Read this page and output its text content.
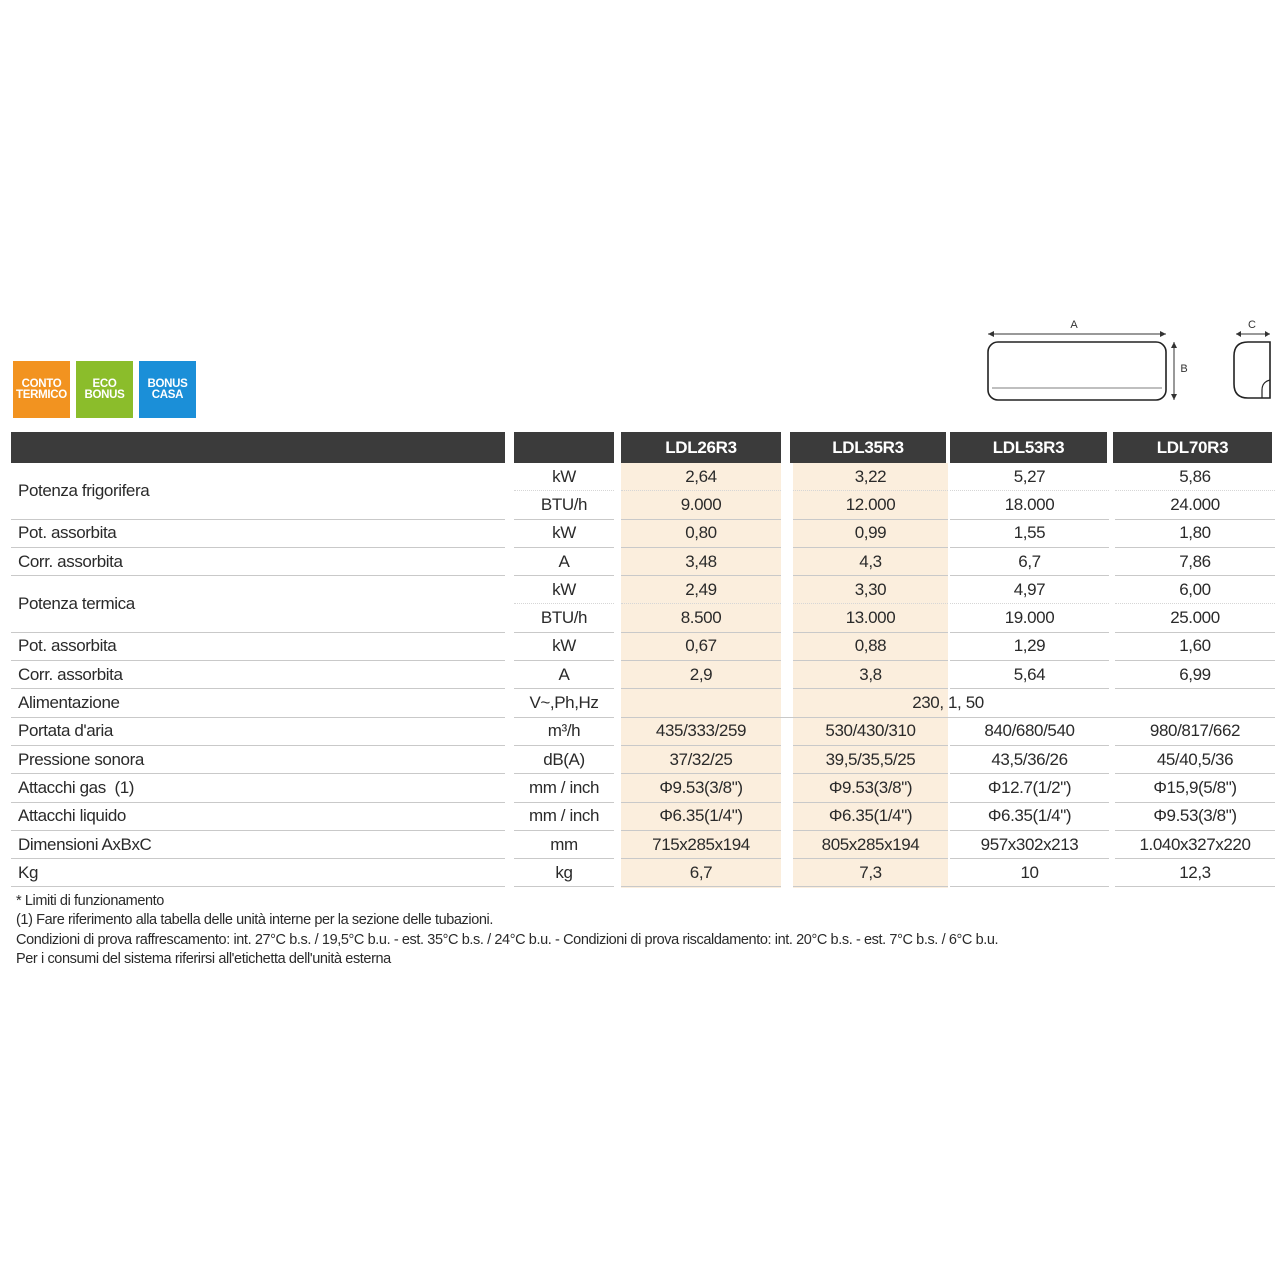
CONTO
TERMICO
ECO
BONUS
BONUS
CASA
A
B
C
LDL26R3	LDL35R3	LDL53R3	LDL70R3
Potenza frigorifera		kW		2,64		3,22		5,27		5,86
		BTU/h		9.000		12.000		18.000		24.000
Pot. assorbita		kW		0,80		0,99		1,55		1,80
Corr. assorbita		A		3,48		4,3		6,7		7,86
Potenza termica		kW		2,49		3,30		4,97		6,00
		BTU/h		8.500		13.000		19.000		25.000
Pot. assorbita		kW		0,67		0,88		1,29		1,60
Corr. assorbita		A		2,9		3,8		5,64		6,99
Alimentazione		V~,Ph,Hz		230, 1, 50						
Portata d'aria		m³/h		435/333/259		530/430/310		840/680/540		980/817/662
Pressione sonora		dB(A)		37/32/25		39,5/35,5/25		43,5/36/26		45/40,5/36
Attacchi gas  (1)		mm / inch		Φ9.53(3/8")		Φ9.53(3/8")		Φ12.7(1/2")		Φ15,9(5/8")
Attacchi liquido		mm / inch		Φ6.35(1/4")		Φ6.35(1/4")		Φ6.35(1/4")		Φ9.53(3/8")
Dimensioni AxBxC		mm		715x285x194		805x285x194		957x302x213		1.040x327x220
Kg		kg		6,7		7,3		10		12,3
* Limiti di funzionamento
(1) Fare riferimento alla tabella delle unità interne per la sezione delle tubazioni.
Condizioni di prova raffrescamento: int. 27°C b.s. / 19,5°C b.u. - est. 35°C b.s. / 24°C b.u. - Condizioni di prova riscaldamento: int. 20°C b.s. - est. 7°C b.s. / 6°C b.u.
Per i consumi del sistema riferirsi all'etichetta dell'unità esterna
